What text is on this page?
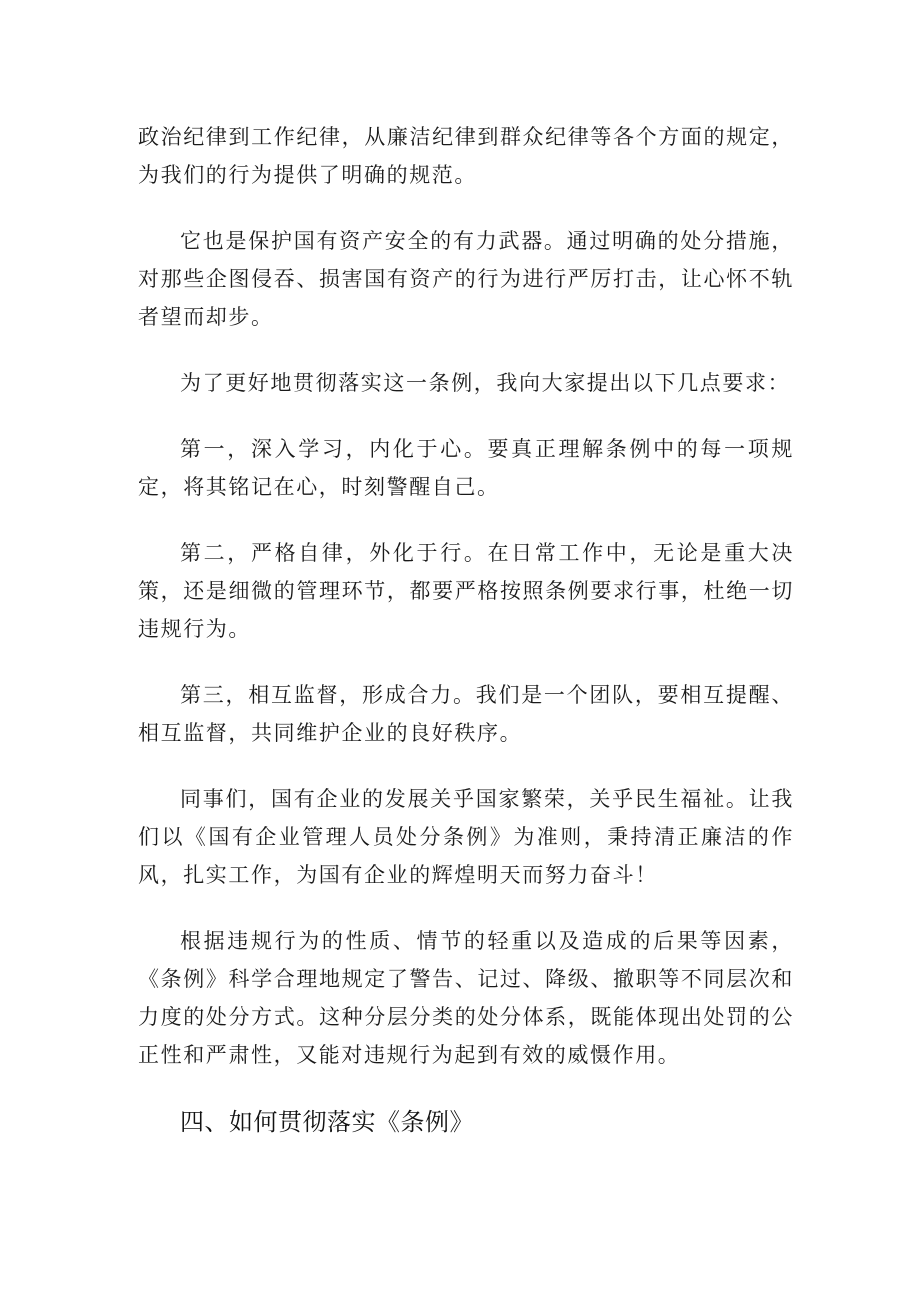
政治纪律到工作纪律，从廉洁纪律到群众纪律等各个方面的规定，为我们的行为提供了明确的规范。

它也是保护国有资产安全的有力武器。通过明确的处分措施，对那些企图侵吞、损害国有资产的行为进行严厉打击，让心怀不轨者望而却步。

为了更好地贯彻落实这一条例，我向大家提出以下几点要求：

第一，深入学习，内化于心。要真正理解条例中的每一项规定，将其铭记在心，时刻警醒自己。

第二，严格自律，外化于行。在日常工作中，无论是重大决策，还是细微的管理环节，都要严格按照条例要求行事，杜绝一切违规行为。

第三，相互监督，形成合力。我们是一个团队，要相互提醒、相互监督，共同维护企业的良好秩序。

同事们，国有企业的发展关乎国家繁荣，关乎民生福祉。让我们以《国有企业管理人员处分条例》为准则，秉持清正廉洁的作风，扎实工作，为国有企业的辉煌明天而努力奋斗！

根据违规行为的性质、情节的轻重以及造成的后果等因素，《条例》科学合理地规定了警告、记过、降级、撤职等不同层次和力度的处分方式。这种分层分类的处分体系，既能体现出处罚的公正性和严肃性，又能对违规行为起到有效的威慑作用。

四、如何贯彻落实《条例》
